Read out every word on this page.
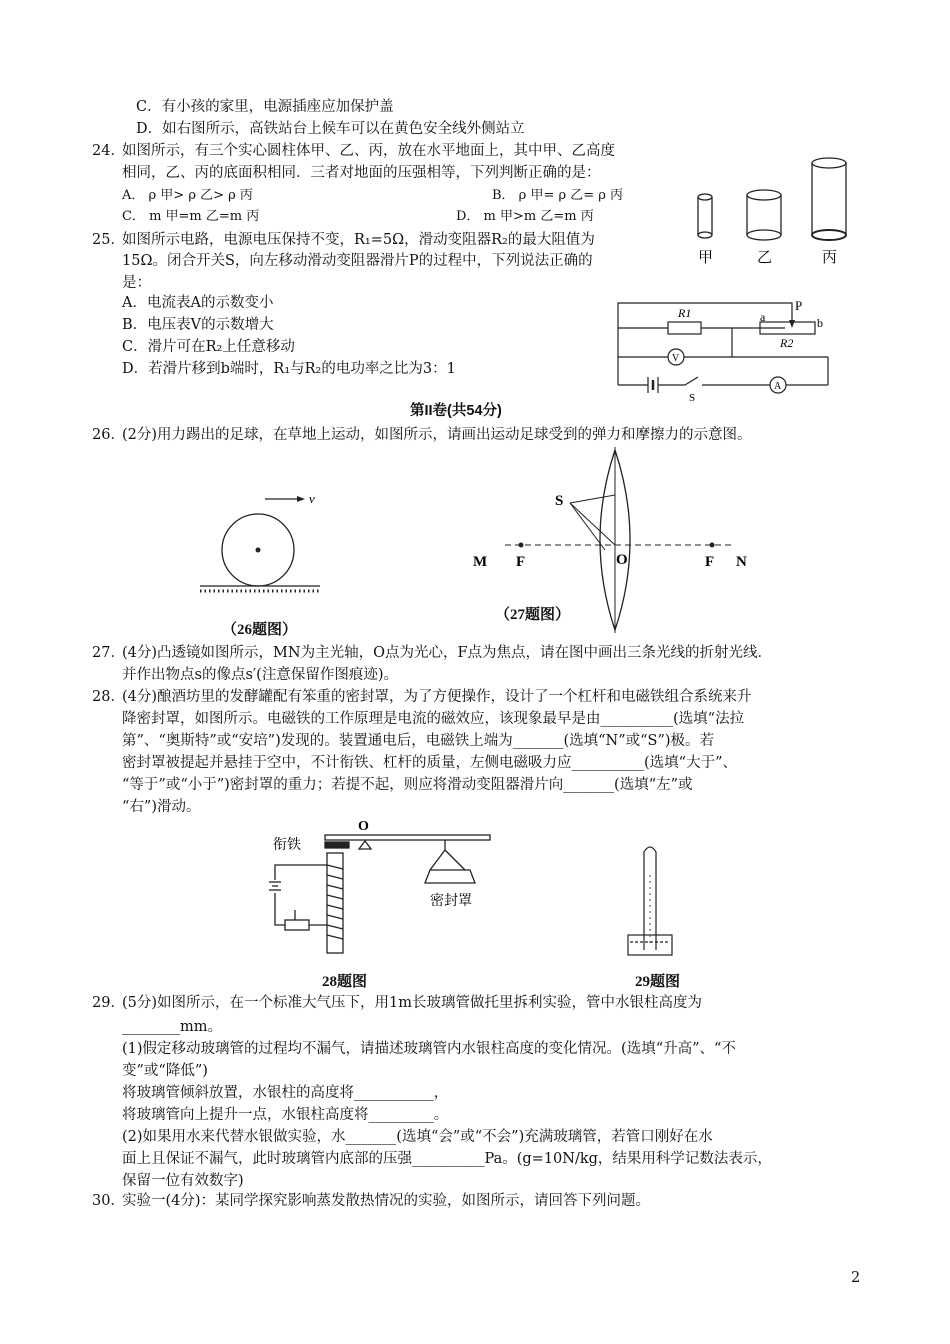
C．有小孩的家里，电源插座应加保护盖
D．如右图所示，高铁站台上候车可以在黄色安全线外侧站立
24．
如图所示，有三个实心圆柱体甲、乙、丙，放在水平地面上，其中甲、乙高度
相同，乙、丙的底面积相同．三者对地面的压强相等，下列判断正确的是：
A． ρ 甲> ρ 乙> ρ 丙	B． ρ 甲= ρ 乙= ρ 丙
C． m 甲=m 乙=m 丙	D． m 甲>m 乙=m 丙
甲	乙	丙
25．
如图所示电路，电源电压保持不变，R₁=5Ω，滑动变阻器R₂的最大阻值为
15Ω。闭合开关S，向左移动滑动变阻器滑片P的过程中，下列说法正确的
是：
A．电流表A的示数变小
B．电压表V的示数增大
C．滑片可在R₂上任意移动
D．若滑片移到b端时，R₁与R₂的电功率之比为3：1
R1
R2
P
a	b
V
A
S
第II卷(共54分)
26．
(2分)用力踢出的足球，在草地上运动，如图所示，请画出运动足球受到的弹力和摩擦力的示意图。
v
（26题图）
S
M F	O	F N
（27题图）
27．
(4分)凸透镜如图所示，MN为主光轴，O点为光心，F点为焦点，请在图中画出三条光线的折射光线．
并作出物点s的像点s′(注意保留作图痕迹)。
28．
(4分)酿酒坊里的发酵罐配有笨重的密封罩，为了方便操作，设计了一个杠杆和电磁铁组合系统来升
降密封罩，如图所示。电磁铁的工作原理是电流的磁效应，该现象最早是由__________(选填“法拉
第”、“奥斯特”或“安培”)发现的。装置通电后，电磁铁上端为_______(选填“N”或“S”)极。若
密封罩被提起并悬挂于空中，不计衔铁、杠杆的质量，左侧电磁吸力应__________(选填“大于”、
“等于”或“小于”)密封罩的重力；若提不起，则应将滑动变阻器滑片向_______(选填“左”或
“右”)滑动。
衔铁
O
密封罩
28题图	29题图
29．
(5分)如图所示，在一个标准大气压下，用1m长玻璃管做托里拆利实验，管中水银柱高度为
________mm。
(1)假定移动玻璃管的过程均不漏气，请描述玻璃管内水银柱高度的变化情况。(选填“升高”、“不
变”或“降低”)
将玻璃管倾斜放置，水银柱的高度将___________，
将玻璃管向上提升一点，水银柱高度将_________。
(2)如果用水来代替水银做实验，水_______(选填“会”或“不会”)充满玻璃管，若管口刚好在水
面上且保证不漏气，此时玻璃管内底部的压强__________Pa。(g=10N/kg，结果用科学记数法表示，
保留一位有效数字)
30．
实验一(4分)：某同学探究影响蒸发散热情况的实验，如图所示，请回答下列问题。
2
